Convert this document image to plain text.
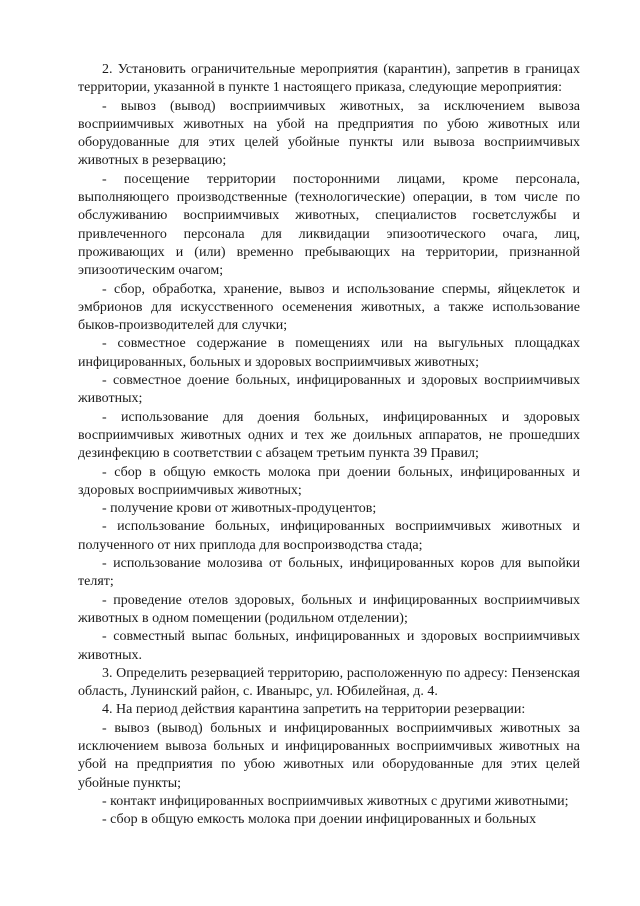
2. Установить ограничительные мероприятия (карантин), запретив в границах территории, указанной в пункте 1 настоящего приказа, следующие мероприятия:

- вывоз (вывод) восприимчивых животных, за исключением вывоза восприимчивых животных на убой на предприятия по убою животных или оборудованные для этих целей убойные пункты или вывоза восприимчивых животных в резервацию;

- посещение территории посторонними лицами, кроме персонала, выполняющего производственные (технологические) операции, в том числе по обслуживанию восприимчивых животных, специалистов госветслужбы и привлеченного персонала для ликвидации эпизоотического очага, лиц, проживающих и (или) временно пребывающих на территории, признанной эпизоотическим очагом;

- сбор, обработка, хранение, вывоз и использование спермы, яйцеклеток и эмбрионов для искусственного осеменения животных, а также использование быков-производителей для случки;

- совместное содержание в помещениях или на выгульных площадках инфицированных, больных и здоровых восприимчивых животных;

- совместное доение больных, инфицированных и здоровых восприимчивых животных;

- использование для доения больных, инфицированных и здоровых восприимчивых животных одних и тех же доильных аппаратов, не прошедших дезинфекцию в соответствии с абзацем третьим пункта 39 Правил;

- сбор в общую емкость молока при доении больных, инфицированных и здоровых восприимчивых животных;

- получение крови от животных-продуцентов;

- использование больных, инфицированных восприимчивых животных и полученного от них приплода для воспроизводства стада;

- использование молозива от больных, инфицированных коров для выпойки телят;

- проведение отелов здоровых, больных и инфицированных восприимчивых животных в одном помещении (родильном отделении);

- совместный выпас больных, инфицированных и здоровых восприимчивых животных.

3. Определить резервацией территорию, расположенную по адресу: Пензенская область, Лунинский район, с. Иваныpс, ул. Юбилейная, д. 4.

4. На период действия карантина запретить на территории резервации:

- вывоз (вывод) больных и инфицированных восприимчивых животных за исключением вывоза больных и инфицированных восприимчивых животных на убой на предприятия по убою животных или оборудованные для этих целей убойные пункты;

- контакт инфицированных восприимчивых животных с другими животными;

- сбор в общую емкость молока при доении инфицированных и больных
